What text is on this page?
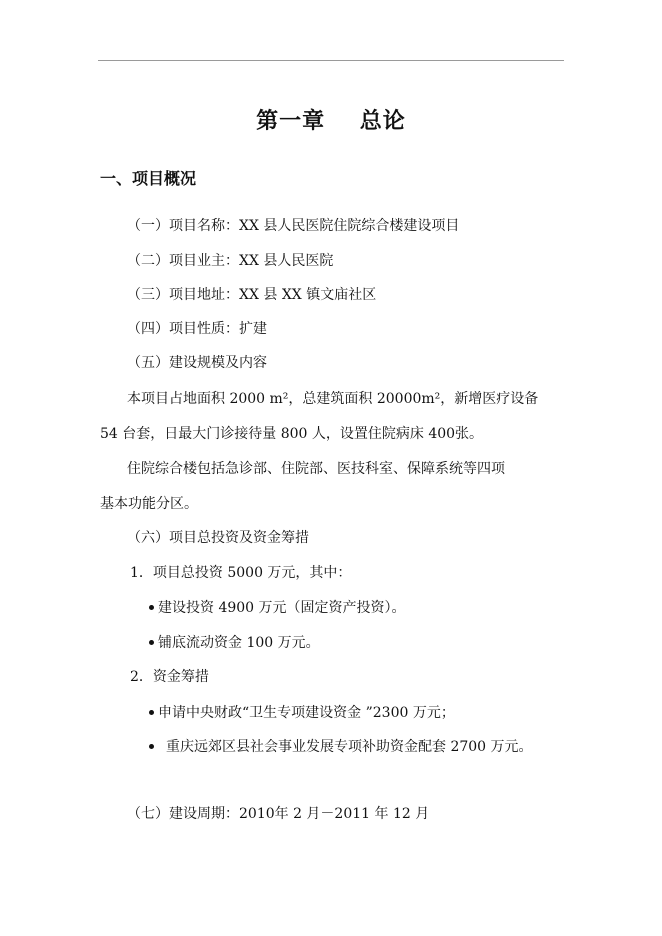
第一章    总论
一、项目概况
（一）项目名称：XX 县人民医院住院综合楼建设项目
（二）项目业主：XX 县人民医院
（三）项目地址：XX 县 XX 镇文庙社区
（四）项目性质：扩建
（五）建设规模及内容
本项目占地面积 2000 m²，总建筑面积 20000m²，新增医疗设备
54 台套，日最大门诊接待量 800 人，设置住院病床 400张。
住院综合楼包括急诊部、住院部、医技科室、保障系统等四项
基本功能分区。
（六）项目总投资及资金筹措
1．项目总投资 5000 万元，其中：
建设投资 4900 万元（固定资产投资）。
铺底流动资金 100 万元。
2．资金筹措
申请中央财政“卫生专项建设资金 ”2300 万元；
重庆远郊区县社会事业发展专项补助资金配套 2700 万元。
（七）建设周期：2010年 2 月－2011 年 12 月
